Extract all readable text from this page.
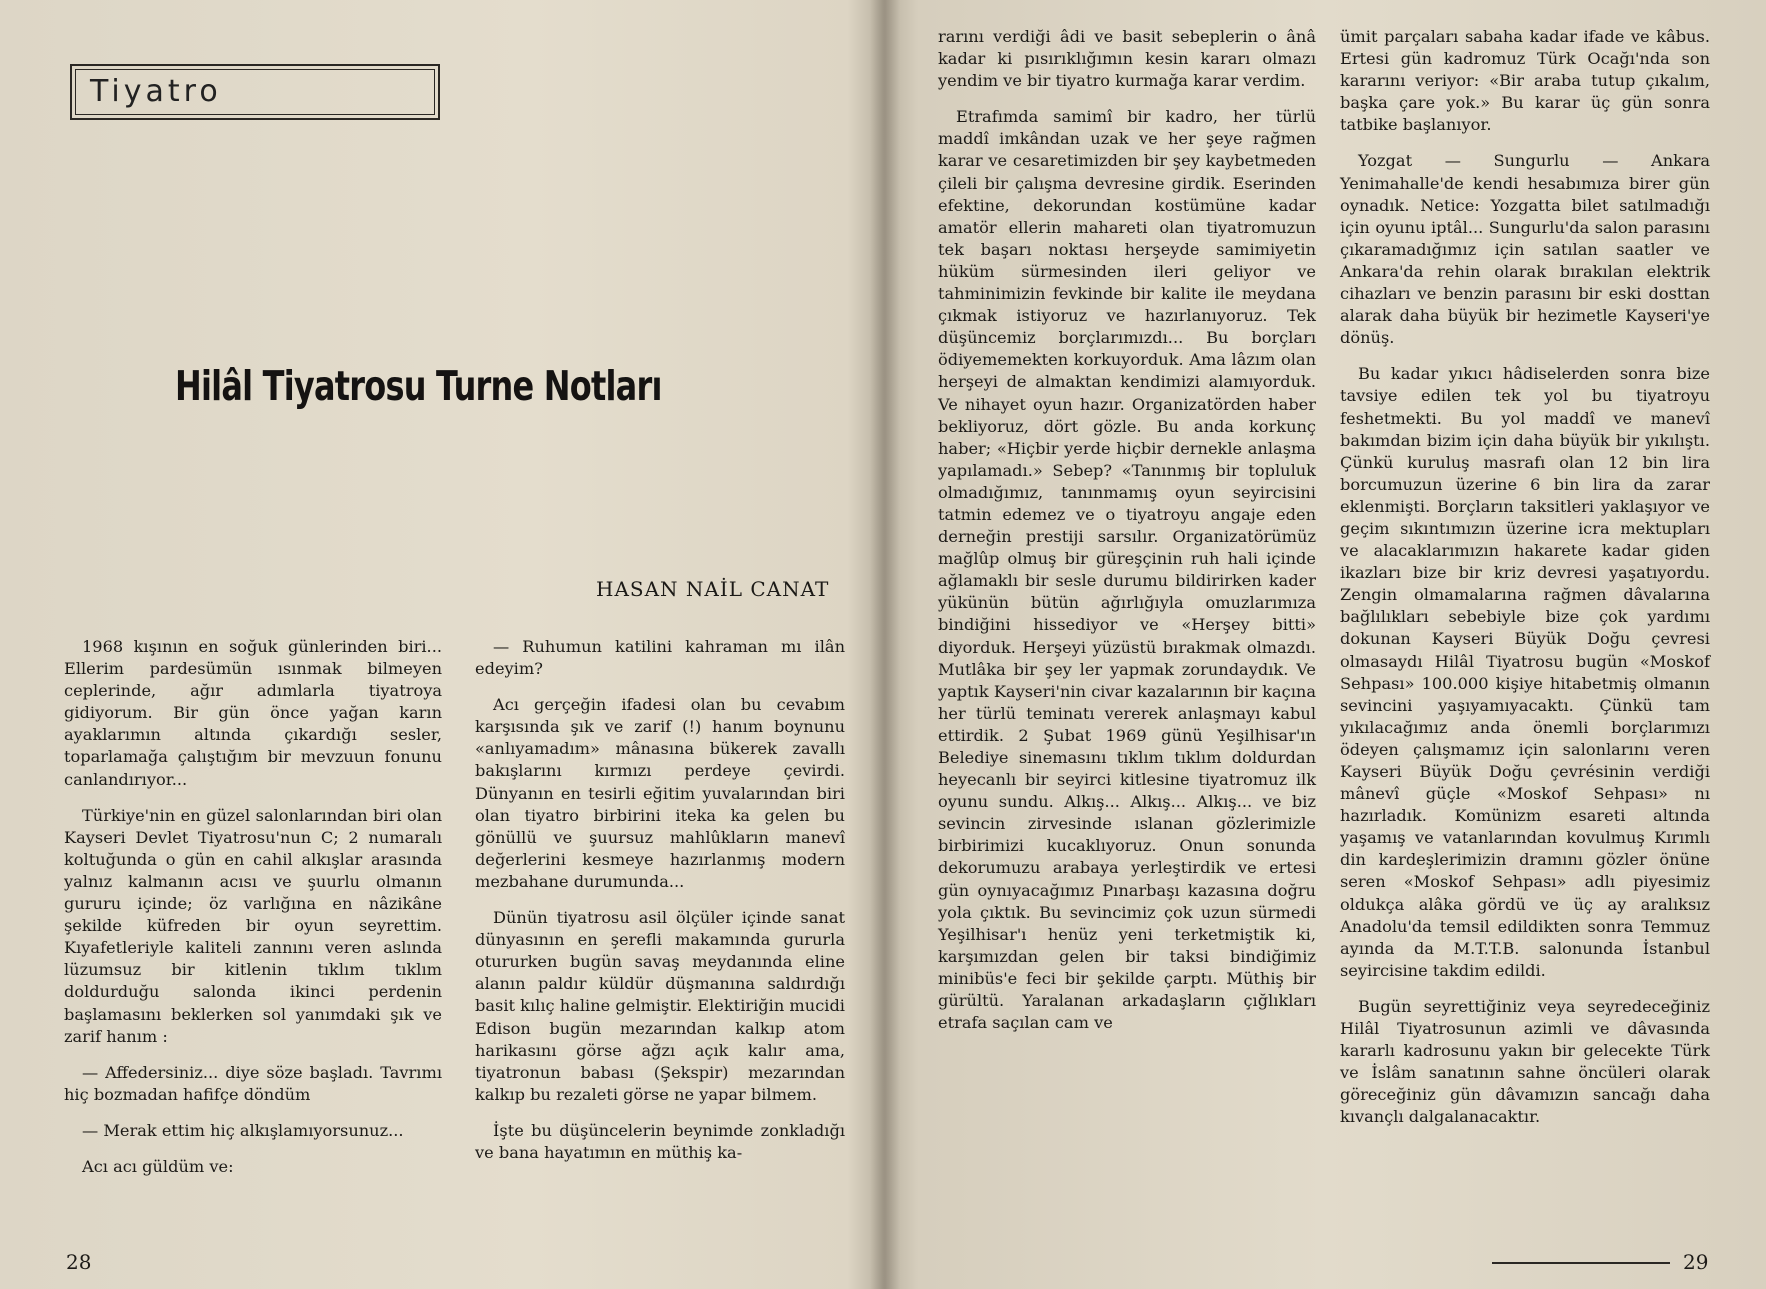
Tiyatro
Hilâl Tiyatrosu Turne Notları
HASAN NAİL CANAT

1968 kışının en soğuk günlerinden biri... Ellerim pardesümün ısınmak bilmeyen ceplerinde, ağır adımlarla tiyatroya gidiyorum. Bir gün önce yağan karın ayaklarımın altında çıkardığı sesler, toparlamağa çalıştığım bir mevzuun fonunu canlandırıyor...

Türkiye'nin en güzel salonlarından biri olan Kayseri Devlet Tiyatrosu'nun C; 2 numaralı koltuğunda o gün en cahil alkışlar arasında yalnız kalmanın acısı ve şuurlu olmanın gururu içinde; öz varlığına en nâzikâne şekilde küfreden bir oyun seyrettim. Kıyafetleriyle kaliteli zannını veren aslında lüzumsuz bir kitlenin tıklım tıklım doldurduğu salonda ikinci perdenin başlamasını beklerken sol yanımdaki şık ve zarif hanım :

— Affedersiniz... diye söze başladı. Tavrımı hiç bozmadan hafifçe döndüm

— Merak ettim hiç alkışlamıyorsunuz...

Acı acı güldüm ve:

— Ruhumun katilini kahraman mı ilân edeyim?

Acı gerçeğin ifadesi olan bu cevabım karşısında şık ve zarif (!) hanım boynunu «anlıyamadım» mânasına bükerek zavallı bakışlarını kırmızı perdeye çevirdi. Dünyanın en tesirli eğitim yuvalarından biri olan tiyatro birbirini iteka ka gelen bu gönüllü ve şuursuz mahlûkların manevî değerlerini kesmeye hazırlanmış modern mezbahane durumunda...

Dünün tiyatrosu asil ölçüler içinde sanat dünyasının en şerefli makamında gururla otururken bugün savaş meydanında eline alanın paldır küldür düşmanına saldırdığı basit kılıç haline gelmiştir. Elektiriğin mucidi Edison bugün mezarından kalkıp atom harikasını görse ağzı açık kalır ama, tiyatronun babası (Şekspir) mezarından kalkıp bu rezaleti görse ne yapar bilmem.

İşte bu düşüncelerin beynimde zonkladığı ve bana hayatımın en müthiş ka-

rarını verdiği âdi ve basit sebeplerin o ânâ kadar ki pısırıklığımın kesin kararı olmazı yendim ve bir tiyatro kurmağa karar verdim.

Etrafımda samimî bir kadro, her türlü maddî imkândan uzak ve her şeye rağmen karar ve cesaretimizden bir şey kaybetmeden çileli bir çalışma devresine girdik. Eserinden efektine, dekorundan kostümüne kadar amatör ellerin mahareti olan tiyatromuzun tek başarı noktası herşeyde samimiyetin hüküm sürmesinden ileri geliyor ve tahminimizin fevkinde bir kalite ile meydana çıkmak istiyoruz ve hazırlanıyoruz. Tek düşüncemiz borçlarımızdı... Bu borçları ödiyememekten korkuyorduk. Ama lâzım olan herşeyi de almaktan kendimizi alamıyorduk. Ve nihayet oyun hazır. Organizatörden haber bekliyoruz, dört gözle. Bu anda korkunç haber; «Hiçbir yerde hiçbir dernekle anlaşma yapılamadı.» Sebep? «Tanınmış bir topluluk olmadığımız, tanınmamış oyun seyircisini tatmin edemez ve o tiyatroyu angaje eden derneğin prestiji sarsılır. Organizatörümüz mağlûp olmuş bir güreşçinin ruh hali içinde ağlamaklı bir sesle durumu bildirirken kader yükünün bütün ağırlığıyla omuzlarımıza bindiğini hissediyor ve «Herşey bitti» diyorduk. Herşeyi yüzüstü bırakmak olmazdı. Mutlâka bir şey ler yapmak zorundaydık. Ve yaptık Kayseri'nin civar kazalarının bir kaçına her türlü teminatı vererek anlaşmayı kabul ettirdik. 2 Şubat 1969 günü Yeşilhisar'ın Belediye sinemasını tıklım tıklım doldurdan heyecanlı bir seyirci kitlesine tiyatromuz ilk oyunu sundu. Alkış... Alkış... Alkış... ve biz sevincin zirvesinde ıslanan gözlerimizle birbirimizi kucaklıyoruz. Onun sonunda dekorumuzu arabaya yerleştirdik ve ertesi gün oynıyacağımız Pınarbaşı kazasına doğru yola çıktık. Bu sevincimiz çok uzun sürmedi Yeşilhisar'ı henüz yeni terketmiştik ki, karşımızdan gelen bir taksi bindiğimiz minibüs'e feci bir şekilde çarptı. Müthiş bir gürültü. Yaralanan arkadaşların çığlıkları etrafa saçılan cam ve

ümit parçaları sabaha kadar ifade ve kâbus. Ertesi gün kadromuz Türk Ocağı'nda son kararını veriyor: «Bir araba tutup çıkalım, başka çare yok.» Bu karar üç gün sonra tatbike başlanıyor.

Yozgat — Sungurlu — Ankara Yenimahalle'de kendi hesabımıza birer gün oynadık. Netice: Yozgatta bilet satılmadığı için oyunu iptâl... Sungurlu'da salon parasını çıkaramadığımız için satılan saatler ve Ankara'da rehin olarak bırakılan elektrik cihazları ve benzin parasını bir eski dosttan alarak daha büyük bir hezimetle Kayseri'ye dönüş.

Bu kadar yıkıcı hâdiselerden sonra bize tavsiye edilen tek yol bu tiyatroyu feshetmekti. Bu yol maddî ve manevî bakımdan bizim için daha büyük bir yıkılıştı. Çünkü kuruluş masrafı olan 12 bin lira borcumuzun üzerine 6 bin lira da zarar eklenmişti. Borçların taksitleri yaklaşıyor ve geçim sıkıntımızın üzerine icra mektupları ve alacaklarımızın hakarete kadar giden ikazları bize bir kriz devresi yaşatıyordu. Zengin olmamalarına rağmen dâvalarına bağlılıkları sebebiyle bize çok yardımı dokunan Kayseri Büyük Doğu çevresi olmasaydı Hilâl Tiyatrosu bugün «Moskof Sehpası» 100.000 kişiye hitabetmiş olmanın sevincini yaşıyamıyacaktı. Çünkü tam yıkılacağımız anda önemli borçlarımızı ödeyen çalışmamız için salonlarını veren Kayseri Büyük Doğu çevrésinin verdiği mânevî güçle «Moskof Sehpası» nı hazırladık. Komünizm esareti altında yaşamış ve vatanlarından kovulmuş Kırımlı din kardeşlerimizin dramını gözler önüne seren «Moskof Sehpası» adlı piyesimiz oldukça alâka gördü ve üç ay aralıksız Anadolu'da temsil edildikten sonra Temmuz ayında da M.T.T.B. salonunda İstanbul seyircisine takdim edildi.

Bugün seyrettiğiniz veya seyredeceğiniz Hilâl Tiyatrosunun azimli ve dâvasında kararlı kadrosunu yakın bir gelecekte Türk ve İslâm sanatının sahne öncüleri olarak göreceğiniz gün dâvamızın sancağı daha kıvançlı dalgalanacaktır.

28	29
